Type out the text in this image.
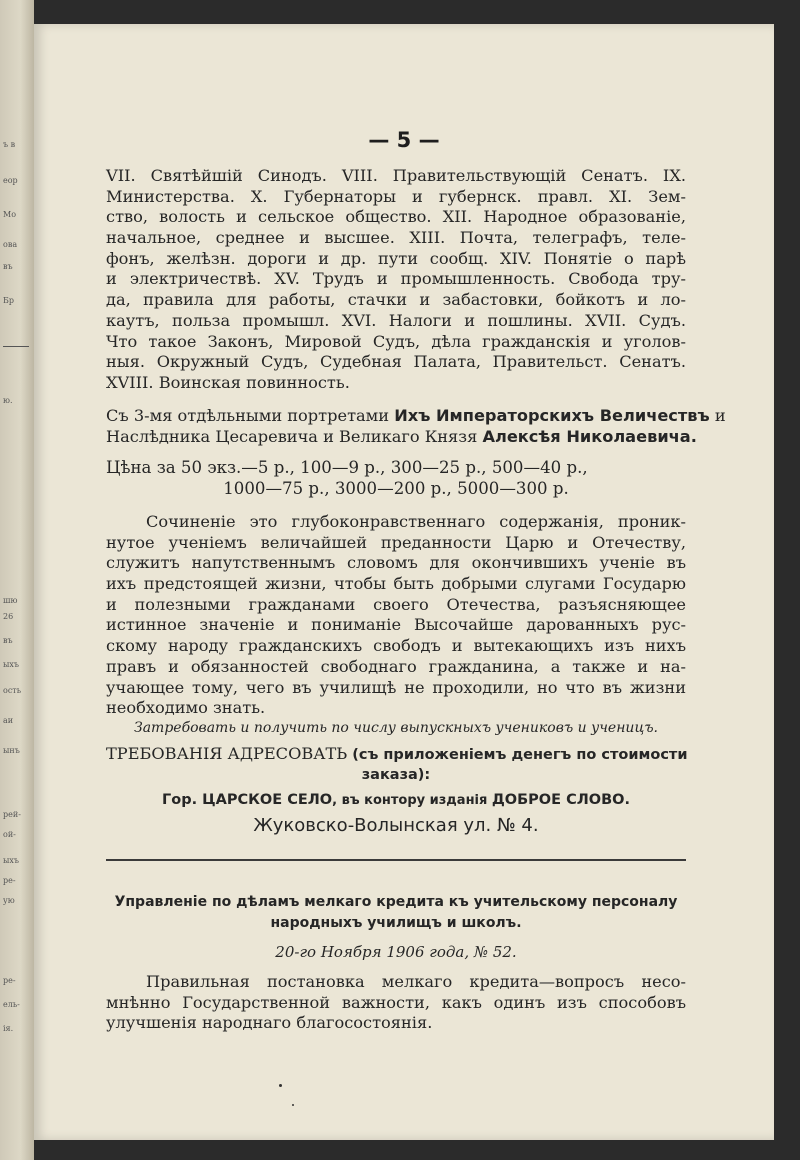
ъ в
еор
Мо
ова
въ
Бр
ю.
шю
26
въ
ыхъ
ость
аи
ынъ
рей-
ой-
ыхъ
ре-
ую
ре-
ель-
ія.
— 5 —
VII. Святѣйшій Синодъ. VIII. Правительствующій Сенатъ. IX.
Министерства. X. Губернаторы и губернск. правл. XI. Зем-
ство, волость и сельское общество. XII. Народное образованіе,
начальное, среднее и высшее. XIII. Почта, телеграфъ, теле-
фонъ, желѣзн. дороги и др. пути сообщ. XIV. Понятіе о парѣ
и электричествѣ. XV. Трудъ и промышленность. Свобода тру-
да, правила для работы, стачки и забастовки, бойкотъ и ло-
каутъ, польза промышл. XVI. Налоги и пошлины. XVII. Судъ.
Что такое Законъ, Мировой Судъ, дѣла гражданскія и уголов-
ныя. Окружный Судъ, Судебная Палата, Правительст. Сенатъ.
XVIII. Воинская повинность.
Съ 3-мя отдѣльными портретами Ихъ Императорскихъ Величествъ и
Наслѣдника Цесаревича и Великаго Князя Алексѣя Николаевича.
Цѣна за 50 экз.—5 р., 100—9 р., 300—25 р., 500—40 р.,
1000—75 р., 3000—200 р., 5000—300 р.
Сочиненіе это глубоконравственнаго содержанія, проник-
нутое ученіемъ величайшей преданности Царю и Отечеству,
служитъ напутственнымъ словомъ для окончившихъ ученіе въ
ихъ предстоящей жизни, чтобы быть добрыми слугами Государю
и полезными гражданами своего Отечества, разъясняющее
истинное значеніе и пониманіе Высочайше дарованныхъ рус-
скому народу гражданскихъ свободъ и вытекающихъ изъ нихъ
правъ и обязанностей свободнаго гражданина, а также и на-
учающее тому, чего въ училищѣ не проходили, но что въ жизни
необходимо знать.
Затребовать и получить по числу выпускныхъ учениковъ и ученицъ.
ТРЕБОВАНІЯ АДРЕСОВАТЬ (съ приложеніемъ денегъ по стоимости
заказа):
Гор. ЦАРСКОЕ СЕЛО, въ контору изданія ДОБРОЕ СЛОВО.
Жуковско-Волынская ул. № 4.
Управленіе по дѣламъ мелкаго кредита къ учительскому персоналу
народныхъ училищъ и школъ.
20-го Ноября 1906 года, № 52.
Правильная постановка мелкаго кредита—вопросъ несо-
мнѣнно Государственной важности, какъ одинъ изъ способовъ
улучшенія народнаго благосостоянія.
